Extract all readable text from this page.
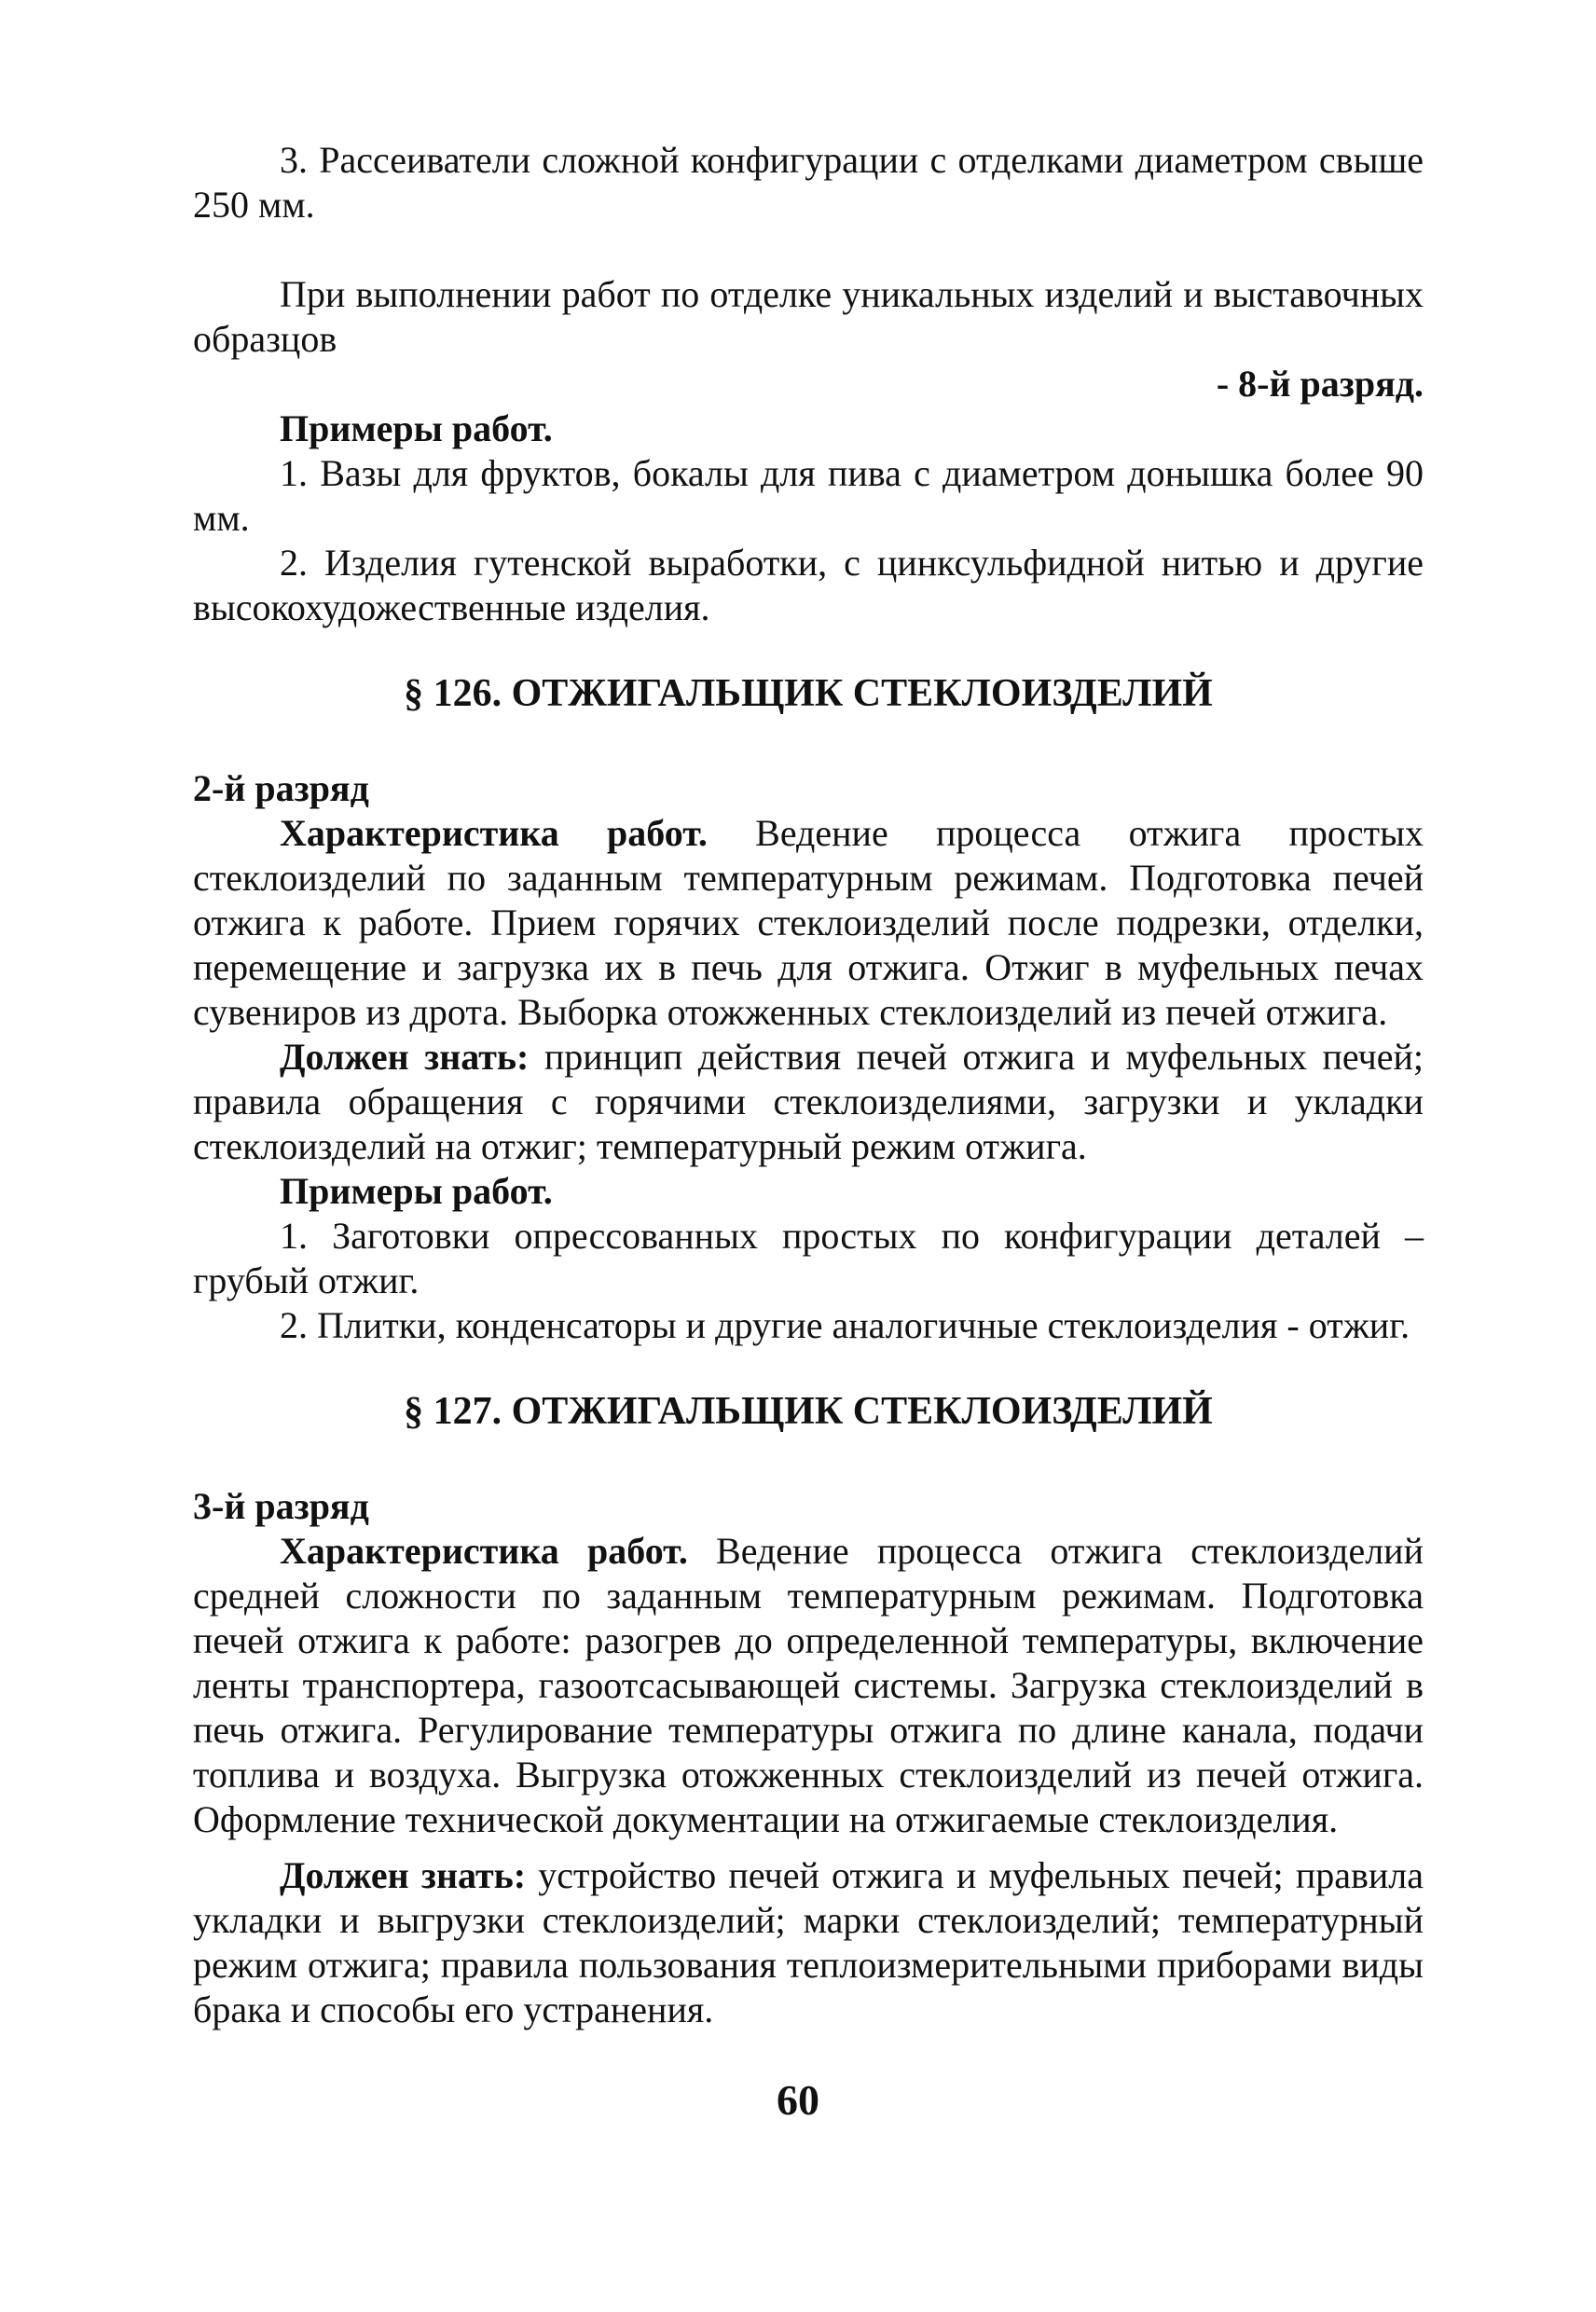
3. Рассеиватели сложной конфигурации с отделками диаметром свыше 250 мм.

При выполнении работ по отделке уникальных изделий и выставочных образцов

- 8-й разряд.

Примеры работ.

1. Вазы для фруктов, бокалы для пива с диаметром донышка более 90 мм.

2. Изделия гутенской выработки, с цинксульфидной нитью и другие высокохудожественные изделия.

§ 126. ОТЖИГАЛЬЩИК СТЕКЛОИЗДЕЛИЙ

2-й разряд

Характеристика работ. Ведение процесса отжига простых стеклоизделий по заданным температурным режимам. Подготовка печей отжига к работе. Прием горячих стеклоизделий после подрезки, отделки, перемещение и загрузка их в печь для отжига. Отжиг в муфельных печах сувениров из дрота. Выборка отожженных стеклоизделий из печей отжига.

Должен знать: принцип действия печей отжига и муфельных печей; правила обращения с горячими стеклоизделиями, загрузки и укладки стеклоизделий на отжиг; температурный режим отжига.

Примеры работ.

1. Заготовки опрессованных простых по конфигурации деталей – грубый отжиг.

2. Плитки, конденсаторы и другие аналогичные стеклоизделия - отжиг.

§ 127. ОТЖИГАЛЬЩИК СТЕКЛОИЗДЕЛИЙ

3-й разряд

Характеристика работ. Ведение процесса отжига стеклоизделий средней сложности по заданным температурным режимам. Подготовка печей отжига к работе: разогрев до определенной температуры, включение ленты транспортера, газоотсасывающей системы. Загрузка стеклоизделий в печь отжига. Регулирование температуры отжига по длине канала, подачи топлива и воздуха. Выгрузка отожженных стеклоизделий из печей отжига. Оформление технической документации на отжигаемые стеклоизделия.

Должен знать: устройство печей отжига и муфельных печей; правила укладки и выгрузки стеклоизделий; марки стеклоизделий; температурный режим отжига; правила пользования теплоизмерительными приборами виды брака и способы его устранения.

60
